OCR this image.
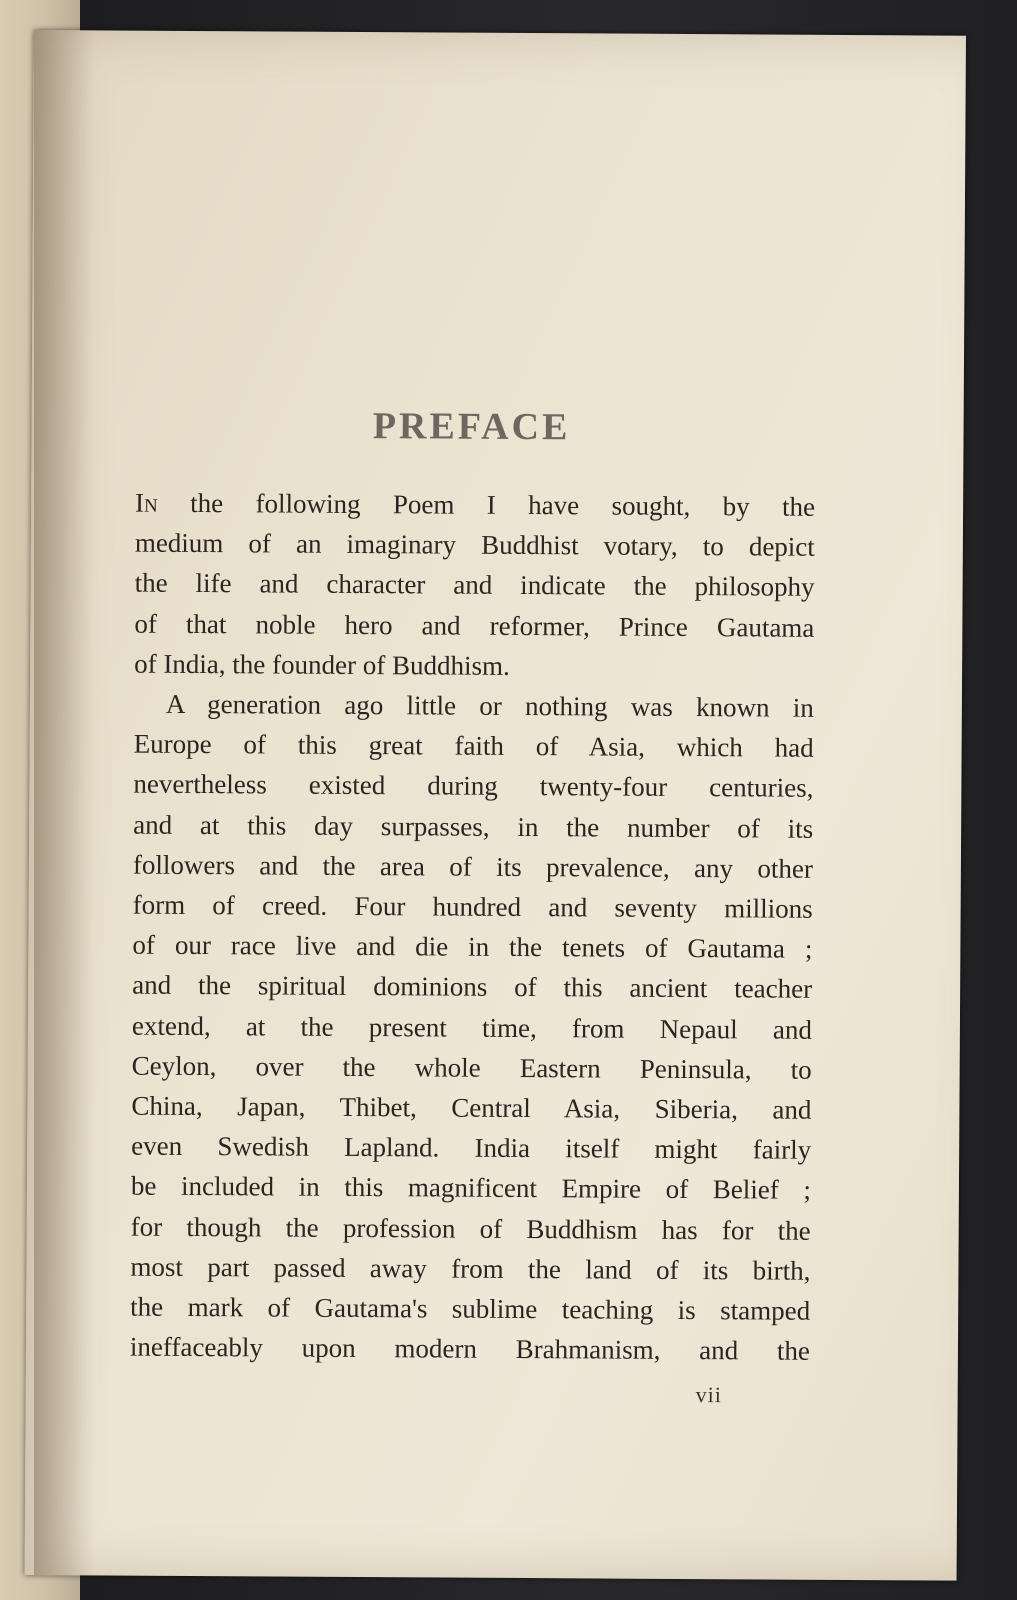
PREFACE
In the following Poem I have sought, by the
medium of an imaginary Buddhist votary, to depict
the life and character and indicate the philosophy
of that noble hero and reformer, Prince Gautama
of India, the founder of Buddhism.
A generation ago little or nothing was known in
Europe of this great faith of Asia, which had
nevertheless existed during twenty-four centuries,
and at this day surpasses, in the number of its
followers and the area of its prevalence, any other
form of creed. Four hundred and seventy millions
of our race live and die in the tenets of Gautama ;
and the spiritual dominions of this ancient teacher
extend, at the present time, from Nepaul and
Ceylon, over the whole Eastern Peninsula, to
China, Japan, Thibet, Central Asia, Siberia, and
even Swedish Lapland. India itself might fairly
be included in this magnificent Empire of Belief ;
for though the profession of Buddhism has for the
most part passed away from the land of its birth,
the mark of Gautama's sublime teaching is stamped
ineffaceably upon modern Brahmanism, and the
vii
